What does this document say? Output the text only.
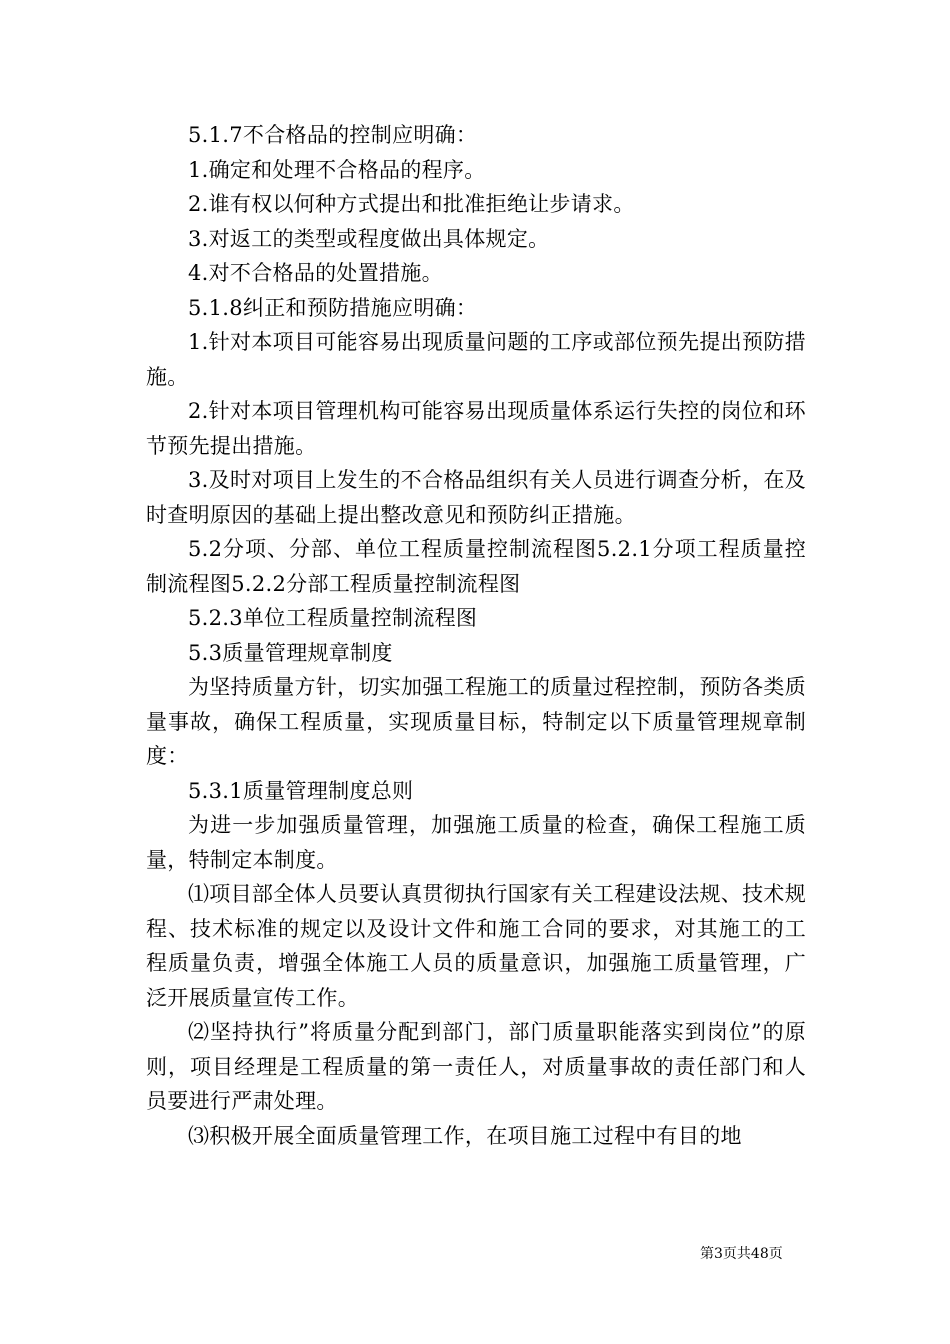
5.1.7不合格品的控制应明确：

1.确定和处理不合格品的程序。

2.谁有权以何种方式提出和批准拒绝让步请求。

3.对返工的类型或程度做出具体规定。

4.对不合格品的处置措施。

5.1.8纠正和预防措施应明确：

1.针对本项目可能容易出现质量问题的工序或部位预先提出预防措施。

2.针对本项目管理机构可能容易出现质量体系运行失控的岗位和环节预先提出措施。

3.及时对项目上发生的不合格品组织有关人员进行调查分析，在及时查明原因的基础上提出整改意见和预防纠正措施。

5.2分项、分部、单位工程质量控制流程图5.2.1分项工程质量控制流程图5.2.2分部工程质量控制流程图

5.2.3单位工程质量控制流程图

5.3质量管理规章制度

为坚持质量方针，切实加强工程施工的质量过程控制，预防各类质量事故，确保工程质量，实现质量目标，特制定以下质量管理规章制度：

5.3.1质量管理制度总则

为进一步加强质量管理，加强施工质量的检查，确保工程施工质量，特制定本制度。

⑴项目部全体人员要认真贯彻执行国家有关工程建设法规、技术规程、技术标准的规定以及设计文件和施工合同的要求，对其施工的工程质量负责，增强全体施工人员的质量意识，加强施工质量管理，广泛开展质量宣传工作。

⑵坚持执行”将质量分配到部门，部门质量职能落实到岗位”的原则，项目经理是工程质量的第一责任人，对质量事故的责任部门和人员要进行严肃处理。

⑶积极开展全面质量管理工作，在项目施工过程中有目的地

第3页共48页
